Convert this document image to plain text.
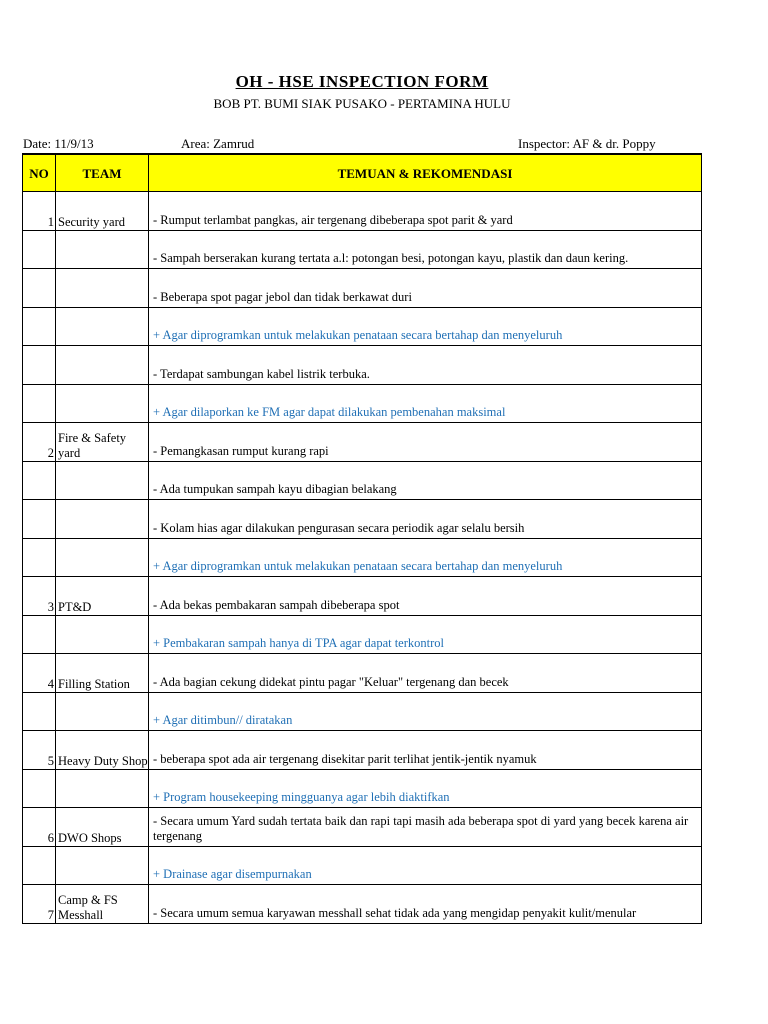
OH - HSE INSPECTION FORM
BOB PT. BUMI SIAK PUSAKO - PERTAMINA HULU
Date: 11/9/13	Area: Zamrud	Inspector: AF & dr. Poppy
NO	TEAM	TEMUAN & REKOMENDASI
1	Security yard	- Rumput terlambat pangkas, air tergenang dibeberapa spot parit & yard
		- Sampah berserakan kurang tertata a.l: potongan besi, potongan kayu, plastik dan daun kering.
		- Beberapa spot pagar jebol dan tidak berkawat duri
		+ Agar diprogramkan untuk melakukan penataan secara bertahap dan menyeluruh
		- Terdapat sambungan kabel listrik terbuka.
		+ Agar dilaporkan ke FM agar dapat dilakukan pembenahan maksimal
2	Fire & Safety yard	- Pemangkasan rumput kurang rapi
		- Ada tumpukan sampah kayu dibagian belakang
		- Kolam hias agar dilakukan pengurasan secara periodik agar selalu bersih
		+ Agar diprogramkan untuk melakukan penataan secara bertahap dan menyeluruh
3	PT&D	- Ada bekas pembakaran sampah dibeberapa spot
		+ Pembakaran sampah hanya di TPA agar dapat terkontrol
4	Filling Station	- Ada bagian cekung didekat pintu pagar "Keluar" tergenang dan becek
		+ Agar ditimbun// diratakan
5	Heavy Duty Shop	- beberapa spot ada air tergenang disekitar parit terlihat jentik-jentik nyamuk
		+ Program housekeeping mingguanya agar lebih diaktifkan
6	DWO Shops	- Secara umum Yard sudah tertata baik dan rapi tapi masih ada beberapa spot di yard yang becek karena air tergenang
		+ Drainase agar disempurnakan
7	Camp & FS Messhall	- Secara umum semua karyawan messhall sehat tidak ada yang mengidap penyakit kulit/menular
